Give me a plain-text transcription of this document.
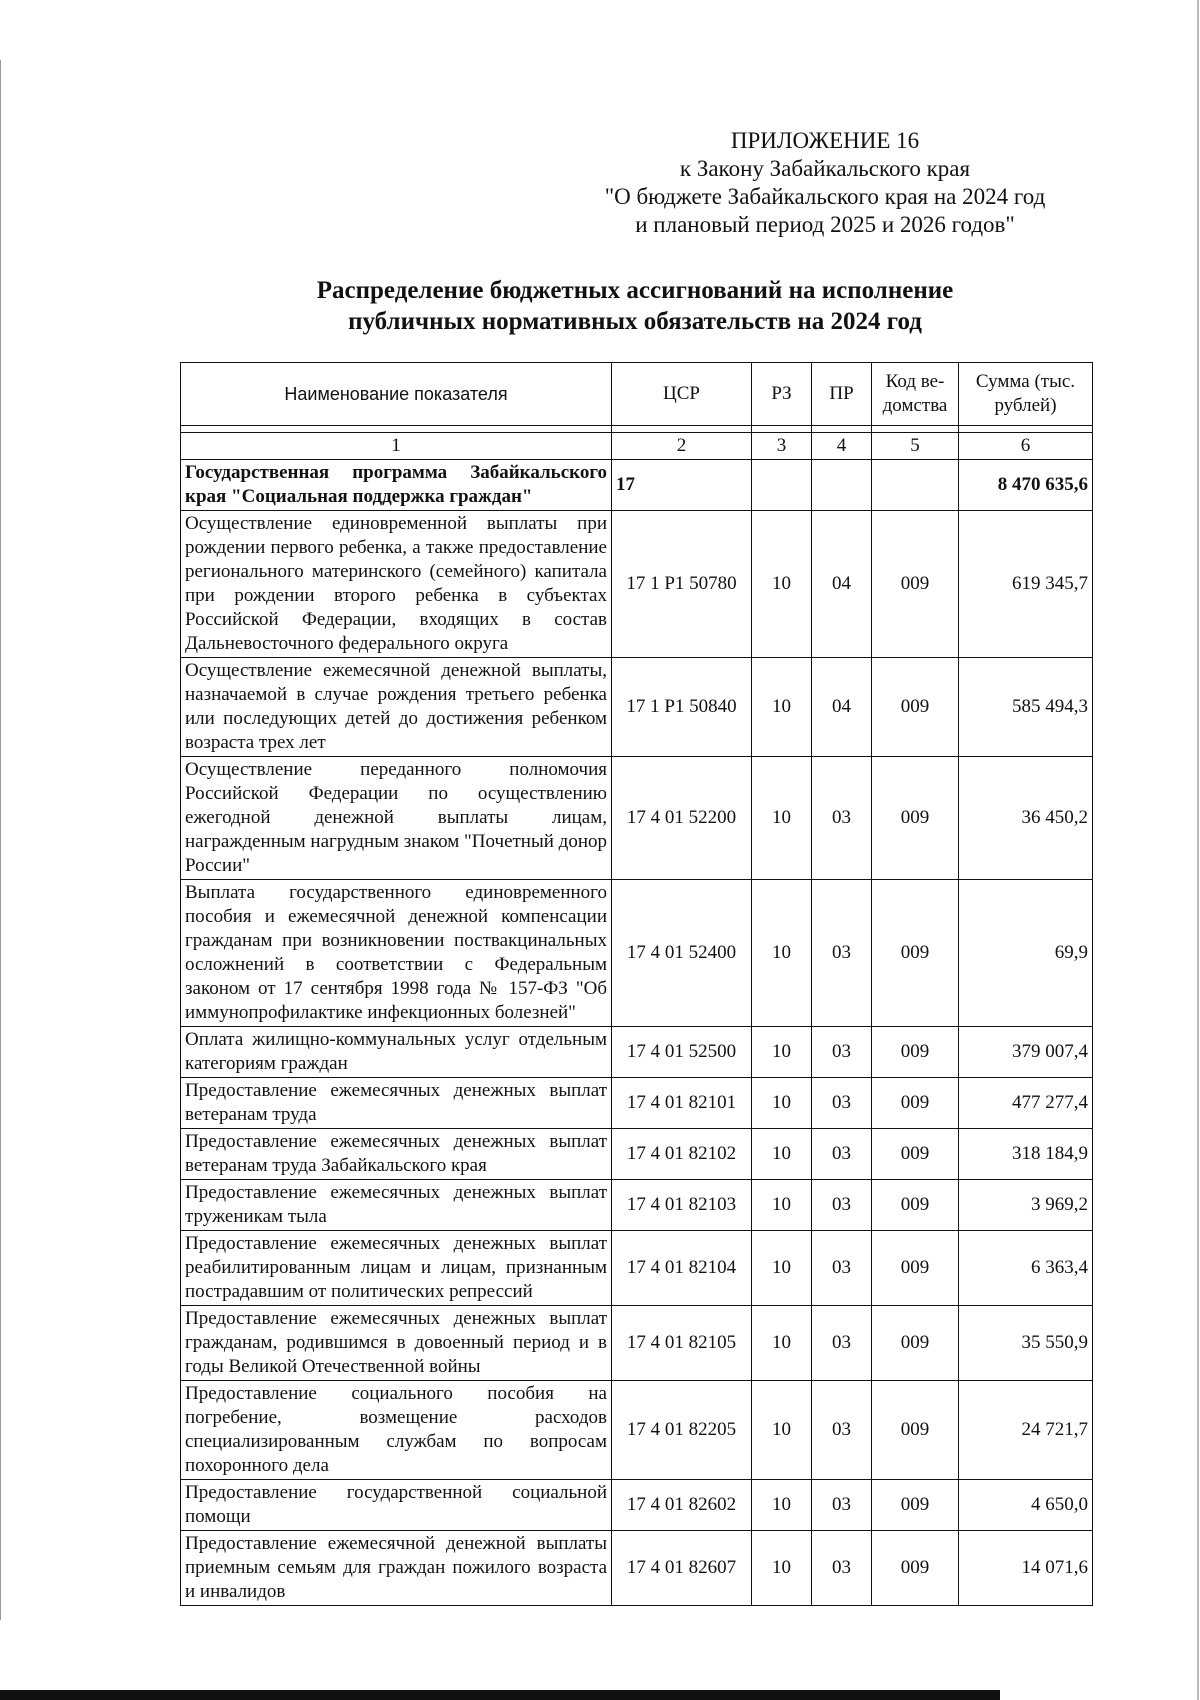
ПРИЛОЖЕНИЕ 16
к Закону Забайкальского края
"О бюджете Забайкальского края на 2024 год
и плановый период 2025 и 2026 годов"
Распределение бюджетных ассигнований на исполнение
публичных нормативных обязательств на 2024 год
Наименование показателя	ЦСР	РЗ	ПР	Код ве-домства	Сумма (тыс. рублей)

1	2	3	4	5	6
Государственная программа Забайкальского края "Социальная поддержка граждан"	17				8 470 635,6
Осуществление единовременной выплаты при рождении первого ребенка, а также предоставление регионального материнского (семейного) капитала при рождении второго ребенка в субъектах Российской Федерации, входящих в состав Дальневосточного федерального округа	17 1 P1 50780	10	04	009	619 345,7
Осуществление ежемесячной денежной выплаты, назначаемой в случае рождения третьего ребенка или последующих детей до достижения ребенком возраста трех лет	17 1 P1 50840	10	04	009	585 494,3
Осуществление переданного полномочия Российской Федерации по осуществлению ежегодной денежной выплаты лицам, награжденным нагрудным знаком "Почетный донор России"	17 4 01 52200	10	03	009	36 450,2
Выплата государственного единовременного пособия и ежемесячной денежной компенсации гражданам при возникновении поствакцинальных осложнений в соответствии с Федеральным законом от 17 сентября 1998 года № 157-ФЗ "Об иммунопрофилактике инфекционных болезней"	17 4 01 52400	10	03	009	69,9
Оплата жилищно-коммунальных услуг отдельным категориям граждан	17 4 01 52500	10	03	009	379 007,4
Предоставление ежемесячных денежных выплат ветеранам труда	17 4 01 82101	10	03	009	477 277,4
Предоставление ежемесячных денежных выплат ветеранам труда Забайкальского края	17 4 01 82102	10	03	009	318 184,9
Предоставление ежемесячных денежных выплат труженикам тыла	17 4 01 82103	10	03	009	3 969,2
Предоставление ежемесячных денежных выплат реабилитированным лицам и лицам, признанным пострадавшим от политических репрессий	17 4 01 82104	10	03	009	6 363,4
Предоставление ежемесячных денежных выплат гражданам, родившимся в довоенный период и в годы Великой Отечественной войны	17 4 01 82105	10	03	009	35 550,9
Предоставление социального пособия на погребение, возмещение расходов специализированным службам по вопросам похоронного дела	17 4 01 82205	10	03	009	24 721,7
Предоставление государственной социальной помощи	17 4 01 82602	10	03	009	4 650,0
Предоставление ежемесячной денежной выплаты приемным семьям для граждан пожилого возраста и инвалидов	17 4 01 82607	10	03	009	14 071,6
